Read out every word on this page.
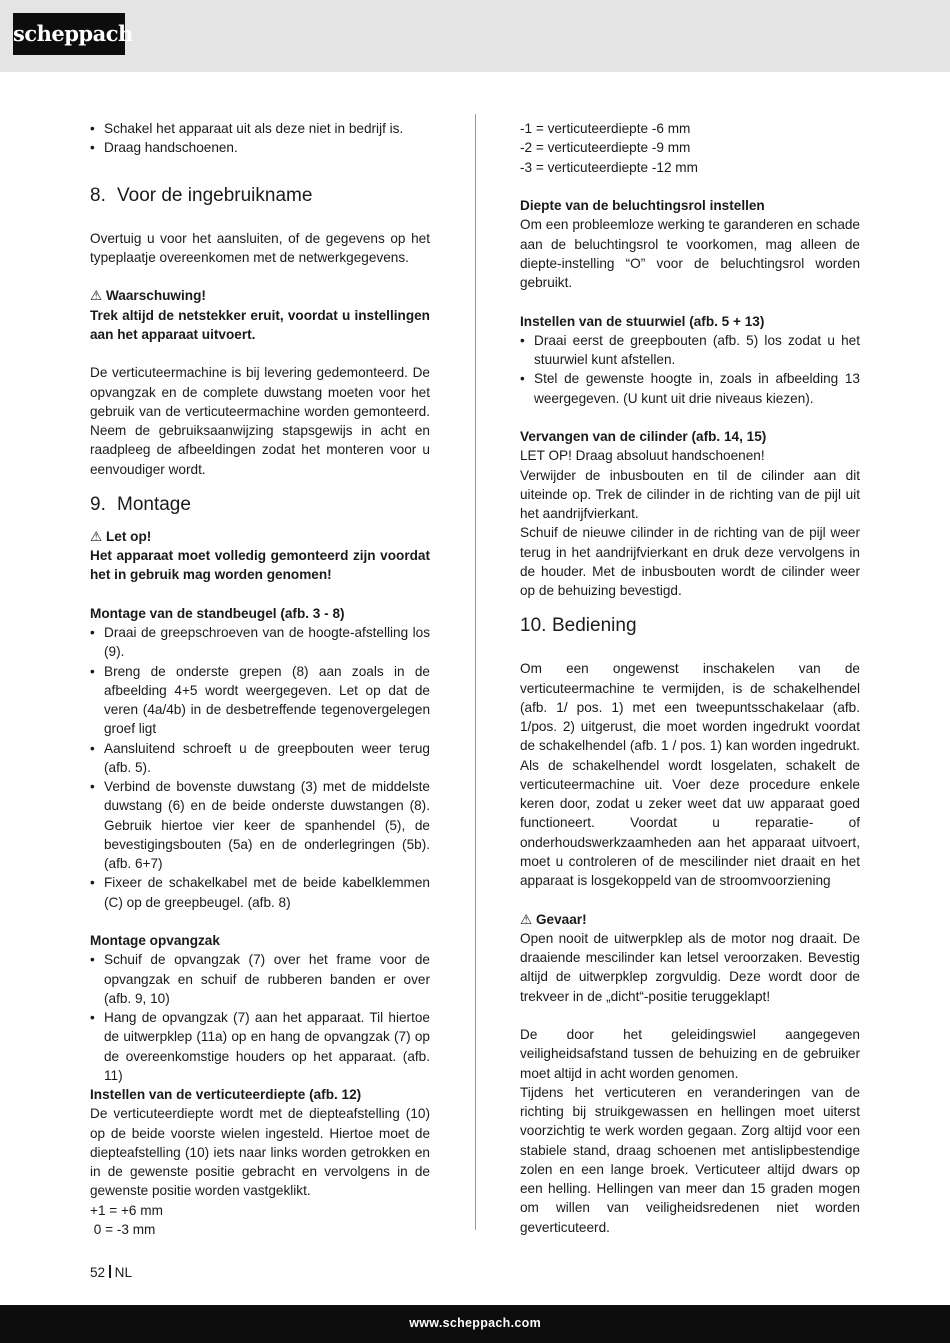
scheppach
• Schakel het apparaat uit als deze niet in bedrijf is.
• Draag handschoenen.
8. Voor de ingebruikname

Overtuig u voor het aansluiten, of de gegevens op het typeplaatje overeenkomen met de netwerkgegevens.

⚠ Waarschuwing!

Trek altijd de netstekker eruit, voordat u instellingen aan het apparaat uitvoert.

De verticuteermachine is bij levering gedemonteerd. De opvangzak en de complete duwstang moeten voor het gebruik van de verticuteermachine worden gemonteerd. Neem de gebruiksaanwijzing stapsgewijs in acht en raadpleeg de afbeeldingen zodat het monteren voor u eenvoudiger wordt.

9. Montage

⚠ Let op!

Het apparaat moet volledig gemonteerd zijn voordat het in gebruik mag worden genomen!

Montage van de standbeugel (afb. 3 - 8)

• Draai de greepschroeven van de hoogte-afstelling los (9).
• Breng de onderste grepen (8) aan zoals in de afbeelding 4+5 wordt weergegeven. Let op dat de veren (4a/4b) in de desbetreffende tegenovergelegen groef ligt
• Aansluitend schroeft u de greepbouten weer terug (afb. 5).
• Verbind de bovenste duwstang (3) met de middelste duwstang (6) en de beide onderste duwstangen (8). Gebruik hiertoe vier keer de spanhendel (5), de bevestigingsbouten (5a) en de onderlegringen (5b). (afb. 6+7)
• Fixeer de schakelkabel met de beide kabelklemmen (C) op de greepbeugel. (afb. 8)

Montage opvangzak

• Schuif de opvangzak (7) over het frame voor de opvangzak en schuif de rubberen banden er over (afb. 9, 10)
• Hang de opvangzak (7) aan het apparaat. Til hiertoe de uitwerpklep (11a) op en hang de opvangzak (7) op de overeenkomstige houders op het apparaat. (afb. 11)

Instellen van de verticuteerdiepte (afb. 12)

De verticuteerdiepte wordt met de diepteafstelling (10) op de beide voorste wielen ingesteld. Hiertoe moet de diepteafstelling (10) iets naar links worden getrokken en in de gewenste positie gebracht en vervolgens in de gewenste positie worden vastgeklikt.

+1 = +6 mm

0 = -3 mm

-1 = verticuteerdiepte -6 mm

-2 = verticuteerdiepte -9 mm

-3 = verticuteerdiepte -12 mm

Diepte van de beluchtingsrol instellen

Om een probleemloze werking te garanderen en schade aan de beluchtingsrol te voorkomen, mag alleen de diepte-instelling “O” voor de beluchtingsrol worden gebruikt.

Instellen van de stuurwiel (afb. 5 + 13)

• Draai eerst de greepbouten (afb. 5) los zodat u het stuurwiel kunt afstellen.
• Stel de gewenste hoogte in, zoals in afbeelding 13 weergegeven. (U kunt uit drie niveaus kiezen).

Vervangen van de cilinder (afb. 14, 15)

LET OP! Draag absoluut handschoenen!

Verwijder de inbusbouten en til de cilinder aan dit uiteinde op. Trek de cilinder in de richting van de pijl uit het aandrijfvierkant.

Schuif de nieuwe cilinder in de richting van de pijl weer terug in het aandrijfvierkant en druk deze vervolgens in de houder. Met de inbusbouten wordt de cilinder weer op de behuizing bevestigd.

10. Bediening

Om een ongewenst inschakelen van de verticuteermachine te vermijden, is de schakelhendel (afb. 1/ pos. 1) met een tweepuntsschakelaar (afb. 1/pos. 2) uitgerust, die moet worden ingedrukt voordat de schakelhendel (afb. 1 / pos. 1) kan worden ingedrukt. Als de schakelhendel wordt losgelaten, schakelt de verticuteermachine uit. Voer deze procedure enkele keren door, zodat u zeker weet dat uw apparaat goed functioneert. Voordat u reparatie- of onderhoudswerkzaamheden aan het apparaat uitvoert, moet u controleren of de mescilinder niet draait en het apparaat is losgekoppeld van de stroomvoorziening

⚠ Gevaar!

Open nooit de uitwerpklep als de motor nog draait. De draaiende mescilinder kan letsel veroorzaken. Bevestig altijd de uitwerpklep zorgvuldig. Deze wordt door de trekveer in de „dicht“-positie teruggeklapt!

De door het geleidingswiel aangegeven veiligheidsafstand tussen de behuizing en de gebruiker moet altijd in acht worden genomen.

Tijdens het verticuteren en veranderingen van de richting bij struikgewassen en hellingen moet uiterst voorzichtig te werk worden gegaan. Zorg altijd voor een stabiele stand, draag schoenen met antislipbestendige zolen en een lange broek. Verticuteer altijd dwars op een helling. Hellingen van meer dan 15 graden mogen om willen van veiligheidsredenen niet worden geverticuteerd.

52 NL
www.scheppach.com
